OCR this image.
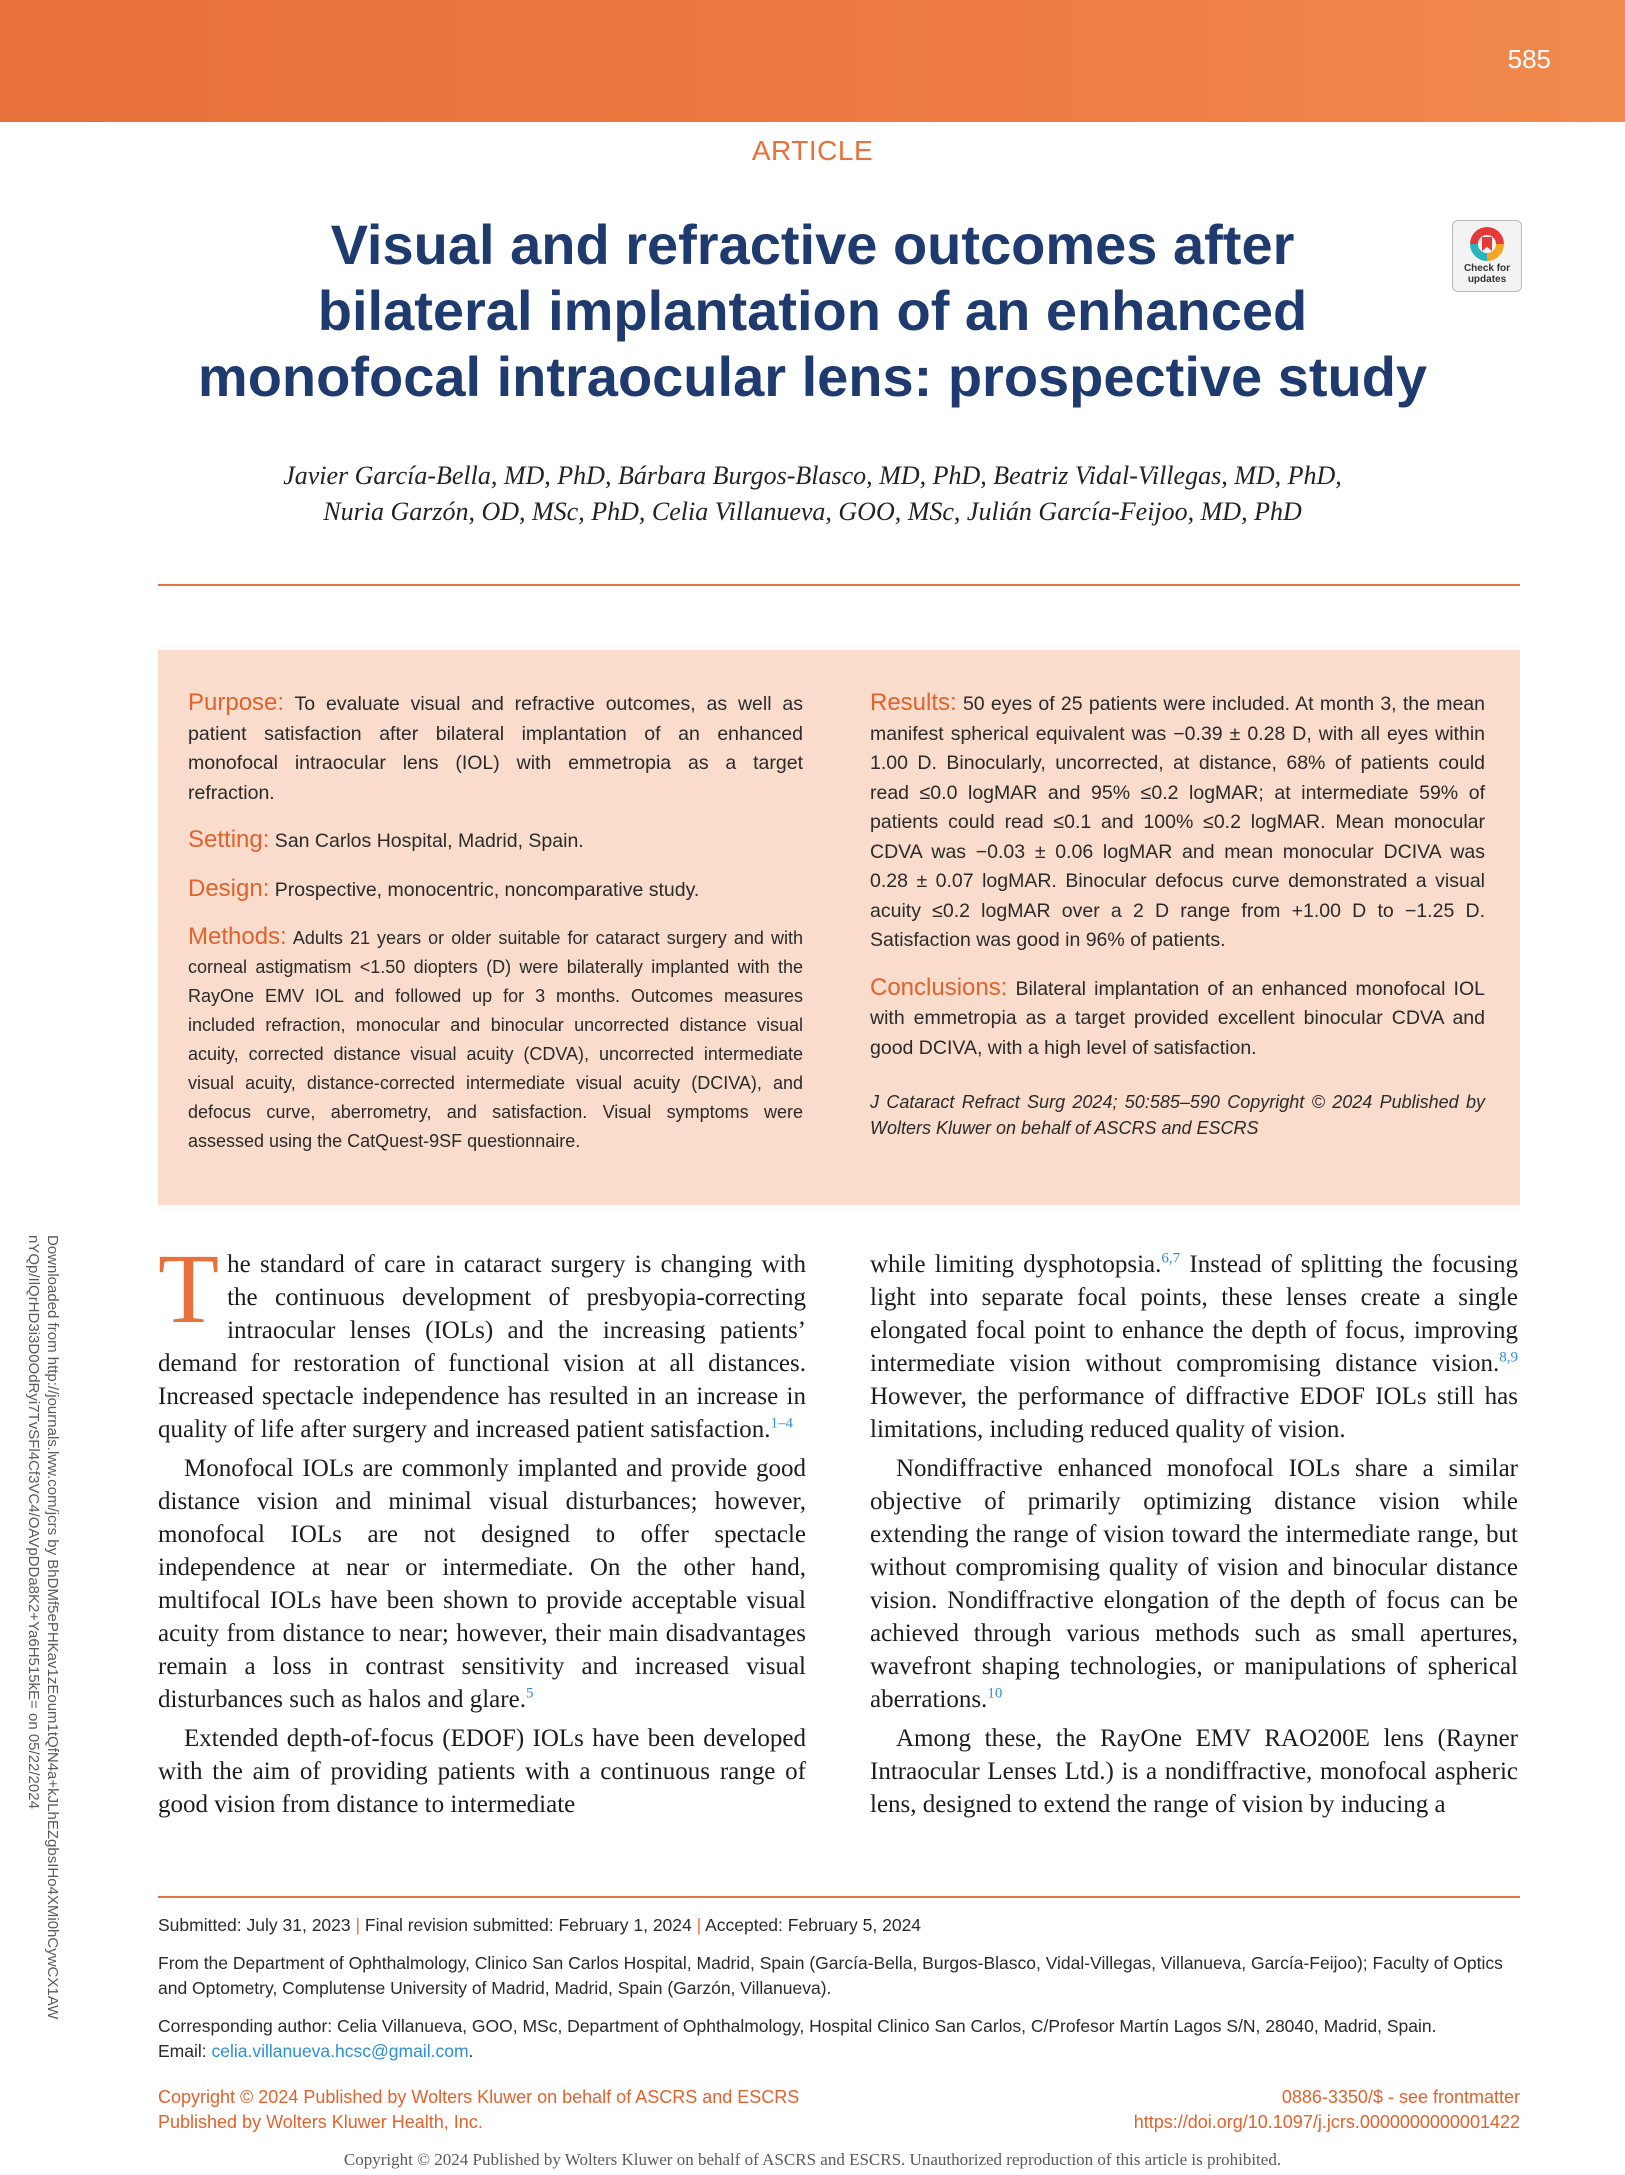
585
ARTICLE
Visual and refractive outcomes after
bilateral implantation of an enhanced
monofocal intraocular lens: prospective study
Check for updates
Javier García-Bella, MD, PhD, Bárbara Burgos-Blasco, MD, PhD, Beatriz Vidal-Villegas, MD, PhD,
Nuria Garzón, OD, MSc, PhD, Celia Villanueva, GOO, MSc, Julián García-Feijoo, MD, PhD
Downloaded from http://journals.lww.com/jcrs by BhDMf5ePHKav1zEoum1tQfN4a+kJLhEZgbsIHo4XMi0hCywCX1AW
nYQp/IlQrHD3i3D0OdRyi7TvSFl4Cf3VC4/OAVpDDa8K2+Ya6H515kE= on 05/22/2024

Purpose: To evaluate visual and refractive outcomes, as well as patient satisfaction after bilateral implantation of an enhanced monofocal intraocular lens (IOL) with emmetropia as a target refraction.

Setting: San Carlos Hospital, Madrid, Spain.

Design: Prospective, monocentric, noncomparative study.

Methods: Adults 21 years or older suitable for cataract surgery and with corneal astigmatism <1.50 diopters (D) were bilaterally implanted with the RayOne EMV IOL and followed up for 3 months. Outcomes measures included refraction, monocular and binocular uncorrected distance visual acuity, corrected distance visual acuity (CDVA), uncorrected intermediate visual acuity, distance-corrected intermediate visual acuity (DCIVA), and defocus curve, aberrometry, and satisfaction. Visual symptoms were assessed using the CatQuest-9SF questionnaire.

Results: 50 eyes of 25 patients were included. At month 3, the mean manifest spherical equivalent was −0.39 ± 0.28 D, with all eyes within 1.00 D. Binocularly, uncorrected, at distance, 68% of patients could read ≤0.0 logMAR and 95% ≤0.2 logMAR; at intermediate 59% of patients could read ≤0.1 and 100% ≤0.2 logMAR. Mean monocular CDVA was −0.03 ± 0.06 logMAR and mean monocular DCIVA was 0.28 ± 0.07 logMAR. Binocular defocus curve demonstrated a visual acuity ≤0.2 logMAR over a 2 D range from +1.00 D to −1.25 D. Satisfaction was good in 96% of patients.

Conclusions: Bilateral implantation of an enhanced monofocal IOL with emmetropia as a target provided excellent binocular CDVA and good DCIVA, with a high level of satisfaction.

J Cataract Refract Surg 2024; 50:585–590 Copyright © 2024 Published by Wolters Kluwer on behalf of ASCRS and ESCRS

The standard of care in cataract surgery is changing with the continuous development of presbyopia-correcting intraocular lenses (IOLs) and the increasing patients’ demand for restoration of functional vision at all distances. Increased spectacle independence has resulted in an increase in quality of life after surgery and increased patient satisfaction.$^{1-4}$

Monofocal IOLs are commonly implanted and provide good distance vision and minimal visual disturbances; however, monofocal IOLs are not designed to offer spectacle independence at near or intermediate. On the other hand, multifocal IOLs have been shown to provide acceptable visual acuity from distance to near; however, their main disadvantages remain a loss in contrast sensitivity and increased visual disturbances such as halos and glare.$^5$

Extended depth-of-focus (EDOF) IOLs have been developed with the aim of providing patients with a continuous range of good vision from distance to intermediate

while limiting dysphotopsia.$^{6,7}$ Instead of splitting the focusing light into separate focal points, these lenses create a single elongated focal point to enhance the depth of focus, improving intermediate vision without compromising distance vision.$^{8,9}$ However, the performance of diffractive EDOF IOLs still has limitations, including reduced quality of vision.

Nondiffractive enhanced monofocal IOLs share a similar objective of primarily optimizing distance vision while extending the range of vision toward the intermediate range, but without compromising quality of vision and binocular distance vision. Nondiffractive elongation of the depth of focus can be achieved through various methods such as small apertures, wavefront shaping technologies, or manipulations of spherical aberrations.$^{10}$

Among these, the RayOne EMV RAO200E lens (Rayner Intraocular Lenses Ltd.) is a nondiffractive, monofocal aspheric lens, designed to extend the range of vision by inducing a

Submitted: July 31, 2023 | Final revision submitted: February 1, 2024 | Accepted: February 5, 2024

From the Department of Ophthalmology, Clinico San Carlos Hospital, Madrid, Spain (García-Bella, Burgos-Blasco, Vidal-Villegas, Villanueva, García-Feijoo); Faculty of Optics and Optometry, Complutense University of Madrid, Madrid, Spain (Garzón, Villanueva).

Corresponding author: Celia Villanueva, GOO, MSc, Department of Ophthalmology, Hospital Clinico San Carlos, C/Profesor Martín Lagos S/N, 28040, Madrid, Spain.
Email: celia.villanueva.hcsc@gmail.com.

Copyright © 2024 Published by Wolters Kluwer on behalf of ASCRS and ESCRS
Published by Wolters Kluwer Health, Inc.
0886-3350/$ - see frontmatter
https://doi.org/10.1097/j.jcrs.0000000000001422
Copyright © 2024 Published by Wolters Kluwer on behalf of ASCRS and ESCRS. Unauthorized reproduction of this article is prohibited.
